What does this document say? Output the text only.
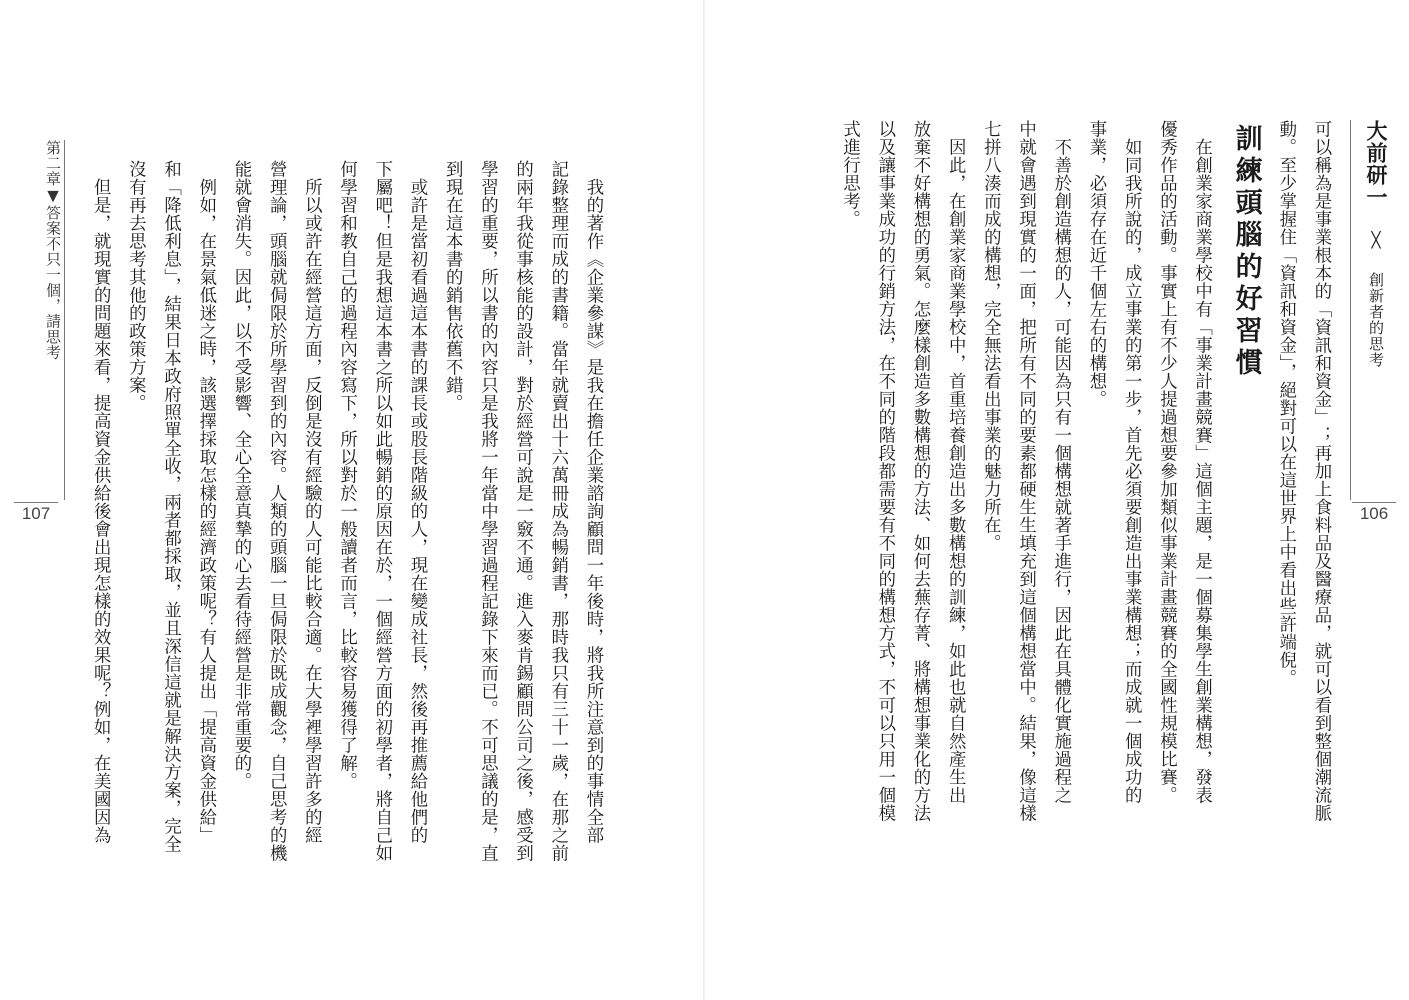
第二章▼答案不只一個，請思考
107	　我的著作《企業參謀》是我在擔任企業諮詢顧問一年後時，將我所注意到的事情全部

記錄整理而成的書籍。當年就賣出十六萬冊成為暢銷書，那時我只有三十一歲，在那之前

的兩年我從事核能的設計，對於經營可說是一竅不通。進入麥肯錫顧問公司之後，感受到

學習的重要，所以書的內容只是我將一年當中學習過程記錄下來而已。不可思議的是，直

到現在這本書的銷售依舊不錯。

　或許是當初看過這本書的課長或股長階級的人，現在變成社長，然後再推薦給他們的

下屬吧！但是我想這本書之所以如此暢銷的原因在於，一個經營方面的初學者，將自己如

何學習和教自己的過程內容寫下，所以對於一般讀者而言，比較容易獲得了解。

　所以或許在經營這方面，反倒是沒有經驗的人可能比較合適。在大學裡學習許多的經

營理論，頭腦就侷限於所學習到的內容。人類的頭腦一旦侷限於既成觀念，自己思考的機

能就會消失。因此，以不受影響、全心全意真摯的心去看待經營是非常重要的。

　例如，在景氣低迷之時，該選擇採取怎樣的經濟政策呢？有人提出「提高資金供給」

和「降低利息」，結果日本政府照單全收，兩者都採取，並且深信這就是解決方案，完全

沒有再去思考其他的政策方案。

　但是，就現實的問題來看，提高資金供給後會出現怎樣的效果呢？例如，在美國因為	大前研一 ╳ 創新者的思考
106

可以稱為是事業根本的「資訊和資金」；再加上食料品及醫療品，就可以看到整個潮流脈

動。至少掌握住「資訊和資金」，絕對可以在這世界上中看出些許端倪。

訓練頭腦的好習慣

　在創業家商業學校中有「事業計畫競賽」這個主題，是一個募集學生創業構想，發表

優秀作品的活動。事實上有不少人提過想要參加類似事業計畫競賽的全國性規模比賽。

　如同我所說的，成立事業的第一步，首先必須要創造出事業構想；而成就一個成功的

事業，必須存在近千個左右的構想。

　不善於創造構想的人，可能因為只有一個構想就著手進行，因此在具體化實施過程之

中就會遇到現實的一面，把所有不同的要素都硬生生填充到這個構想當中。結果，像這樣

七拼八湊而成的構想，完全無法看出事業的魅力所在。

　因此，在創業家商業學校中，首重培養創造出多數構想的訓練，如此也就自然產生出

放棄不好構想的勇氣。怎麼樣創造多數構想的方法、如何去蕪存菁、將構想事業化的方法

以及讓事業成功的行銷方法，在不同的階段都需要有不同的構想方式，不可以只用一個模

式進行思考。
